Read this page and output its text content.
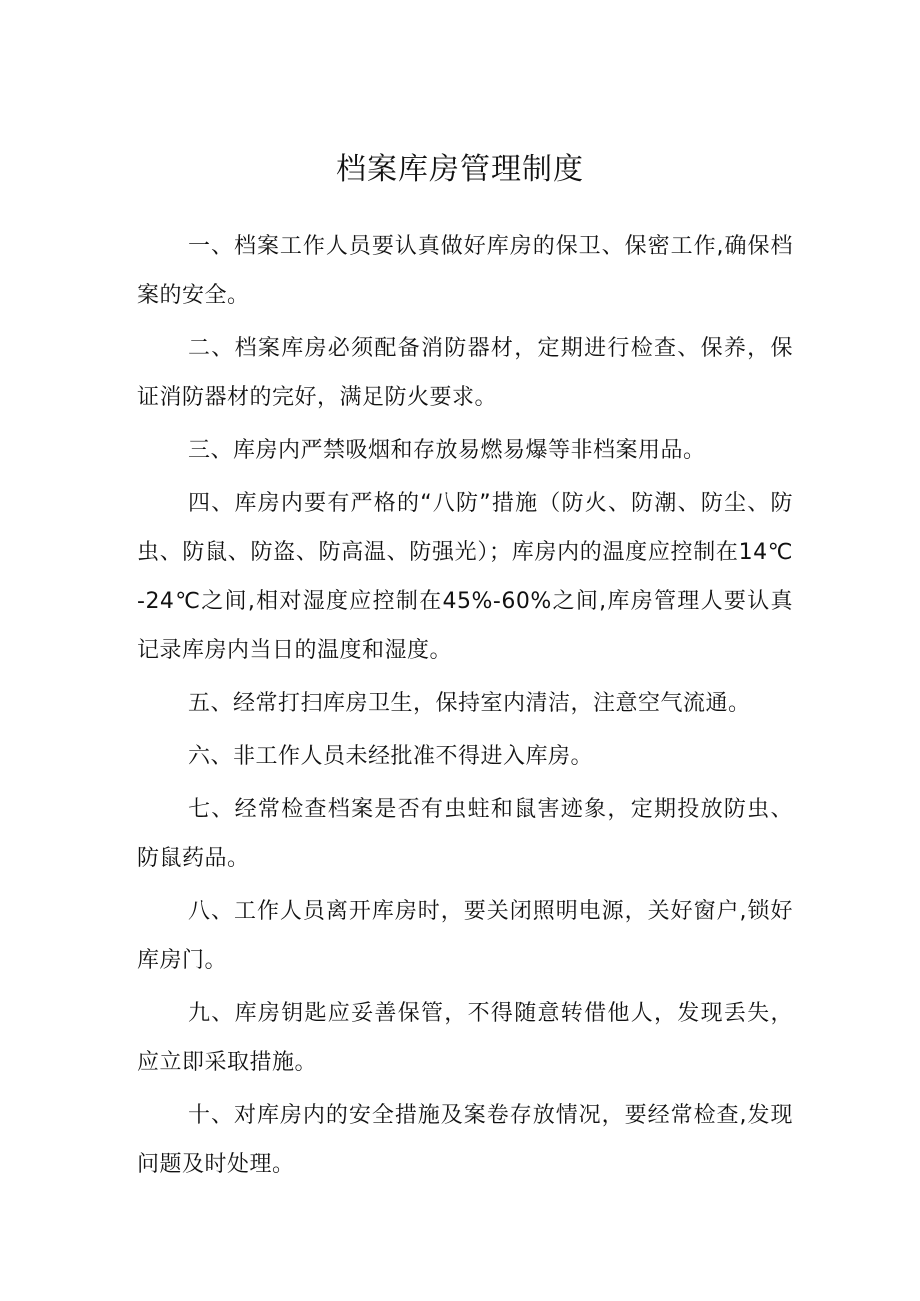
档案库房管理制度

一、档案工作人员要认真做好库房的保卫、保密工作,确保档案的安全。

二、档案库房必须配备消防器材，定期进行检查、保养，保证消防器材的完好，满足防火要求。

三、库房内严禁吸烟和存放易燃易爆等非档案用品。

四、库房内要有严格的“八防”措施（防火、防潮、防尘、防虫、防鼠、防盗、防高温、防强光）；库房内的温度应控制在14℃-24℃之间,相对湿度应控制在45%-60%之间,库房管理人要认真记录库房内当日的温度和湿度。

五、经常打扫库房卫生，保持室内清洁，注意空气流通。

六、非工作人员未经批准不得进入库房。

七、经常检查档案是否有虫蛀和鼠害迹象，定期投放防虫、防鼠药品。

八、工作人员离开库房时，要关闭照明电源，关好窗户,锁好库房门。

九、库房钥匙应妥善保管，不得随意转借他人，发现丢失，应立即采取措施。

十、对库房内的安全措施及案卷存放情况，要经常检查,发现问题及时处理。
